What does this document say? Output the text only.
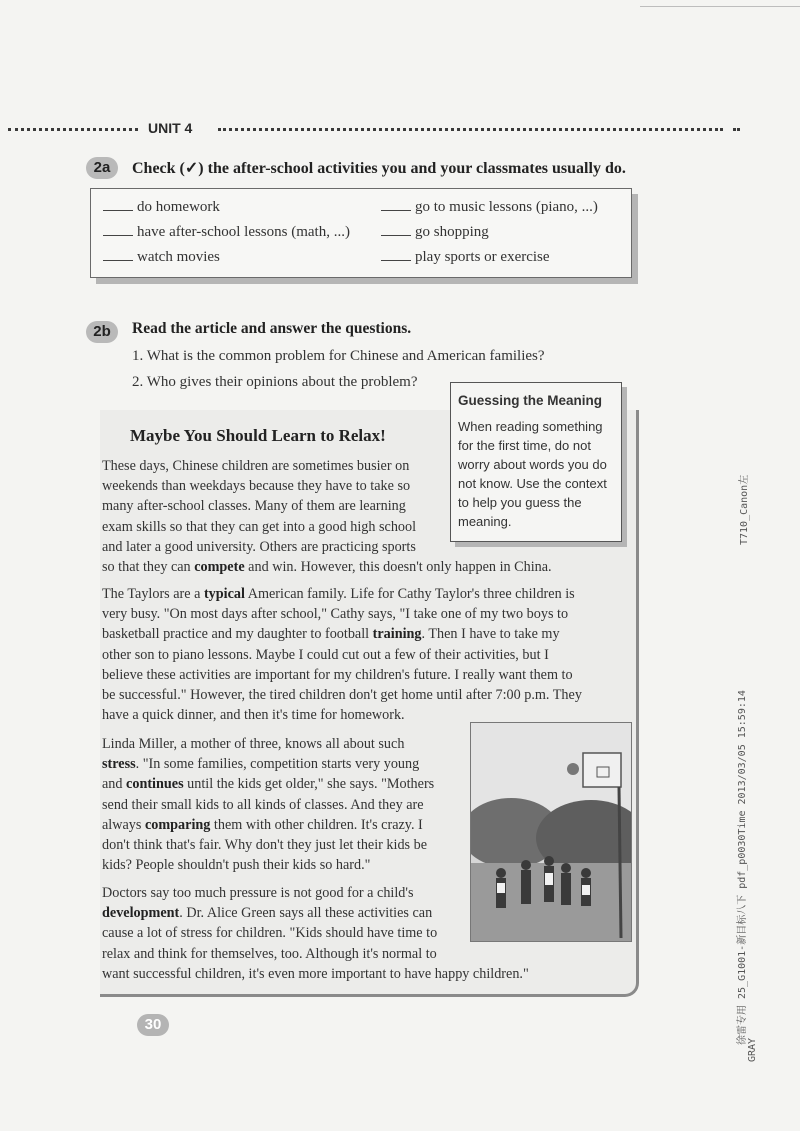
UNIT 4
2a	Check (✓) the after-school activities you and your classmates usually do.
do homework	go to music lessons (piano, ...)
have after-school lessons (math, ...)	go shopping
watch movies	play sports or exercise
2b	Read the article and answer the questions.
1. What is the common problem for Chinese and American families?
2. Who gives their opinions about the problem?
Maybe You Should Learn to Relax!
These days, Chinese children are sometimes busier on
weekends than weekdays because they have to take so
many after-school classes. Many of them are learning
exam skills so that they can get into a good high school
and later a good university. Others are practicing sports
so that they can compete and win. However, this doesn't only happen in China.
The Taylors are a typical American family. Life for Cathy Taylor's three children is
very busy. "On most days after school," Cathy says, "I take one of my two boys to
basketball practice and my daughter to football training. Then I have to take my
other son to piano lessons. Maybe I could cut out a few of their activities, but I
believe these activities are important for my children's future. I really want them to
be successful." However, the tired children don't get home until after 7:00 p.m. They
have a quick dinner, and then it's time for homework.
Linda Miller, a mother of three, knows all about such
stress. "In some families, competition starts very young
and continues until the kids get older," she says. "Mothers
send their small kids to all kinds of classes. And they are
always comparing them with other children. It's crazy. I
don't think that's fair. Why don't they just let their kids be
kids? People shouldn't push their kids so hard."
Doctors say too much pressure is not good for a child's
development. Dr. Alice Green says all these activities can
cause a lot of stress for children. "Kids should have time to
relax and think for themselves, too. Although it's normal to
want successful children, it's even more important to have happy children."
Guessing the Meaning
When reading something for the first time, do not worry about words you do not know. Use the context to help you guess the meaning.
30
T710_Canon左
徐雷专用 25_G1001-新目标八下 pdf_p0030Time 2013/03/05 15:59:14
GRAY
